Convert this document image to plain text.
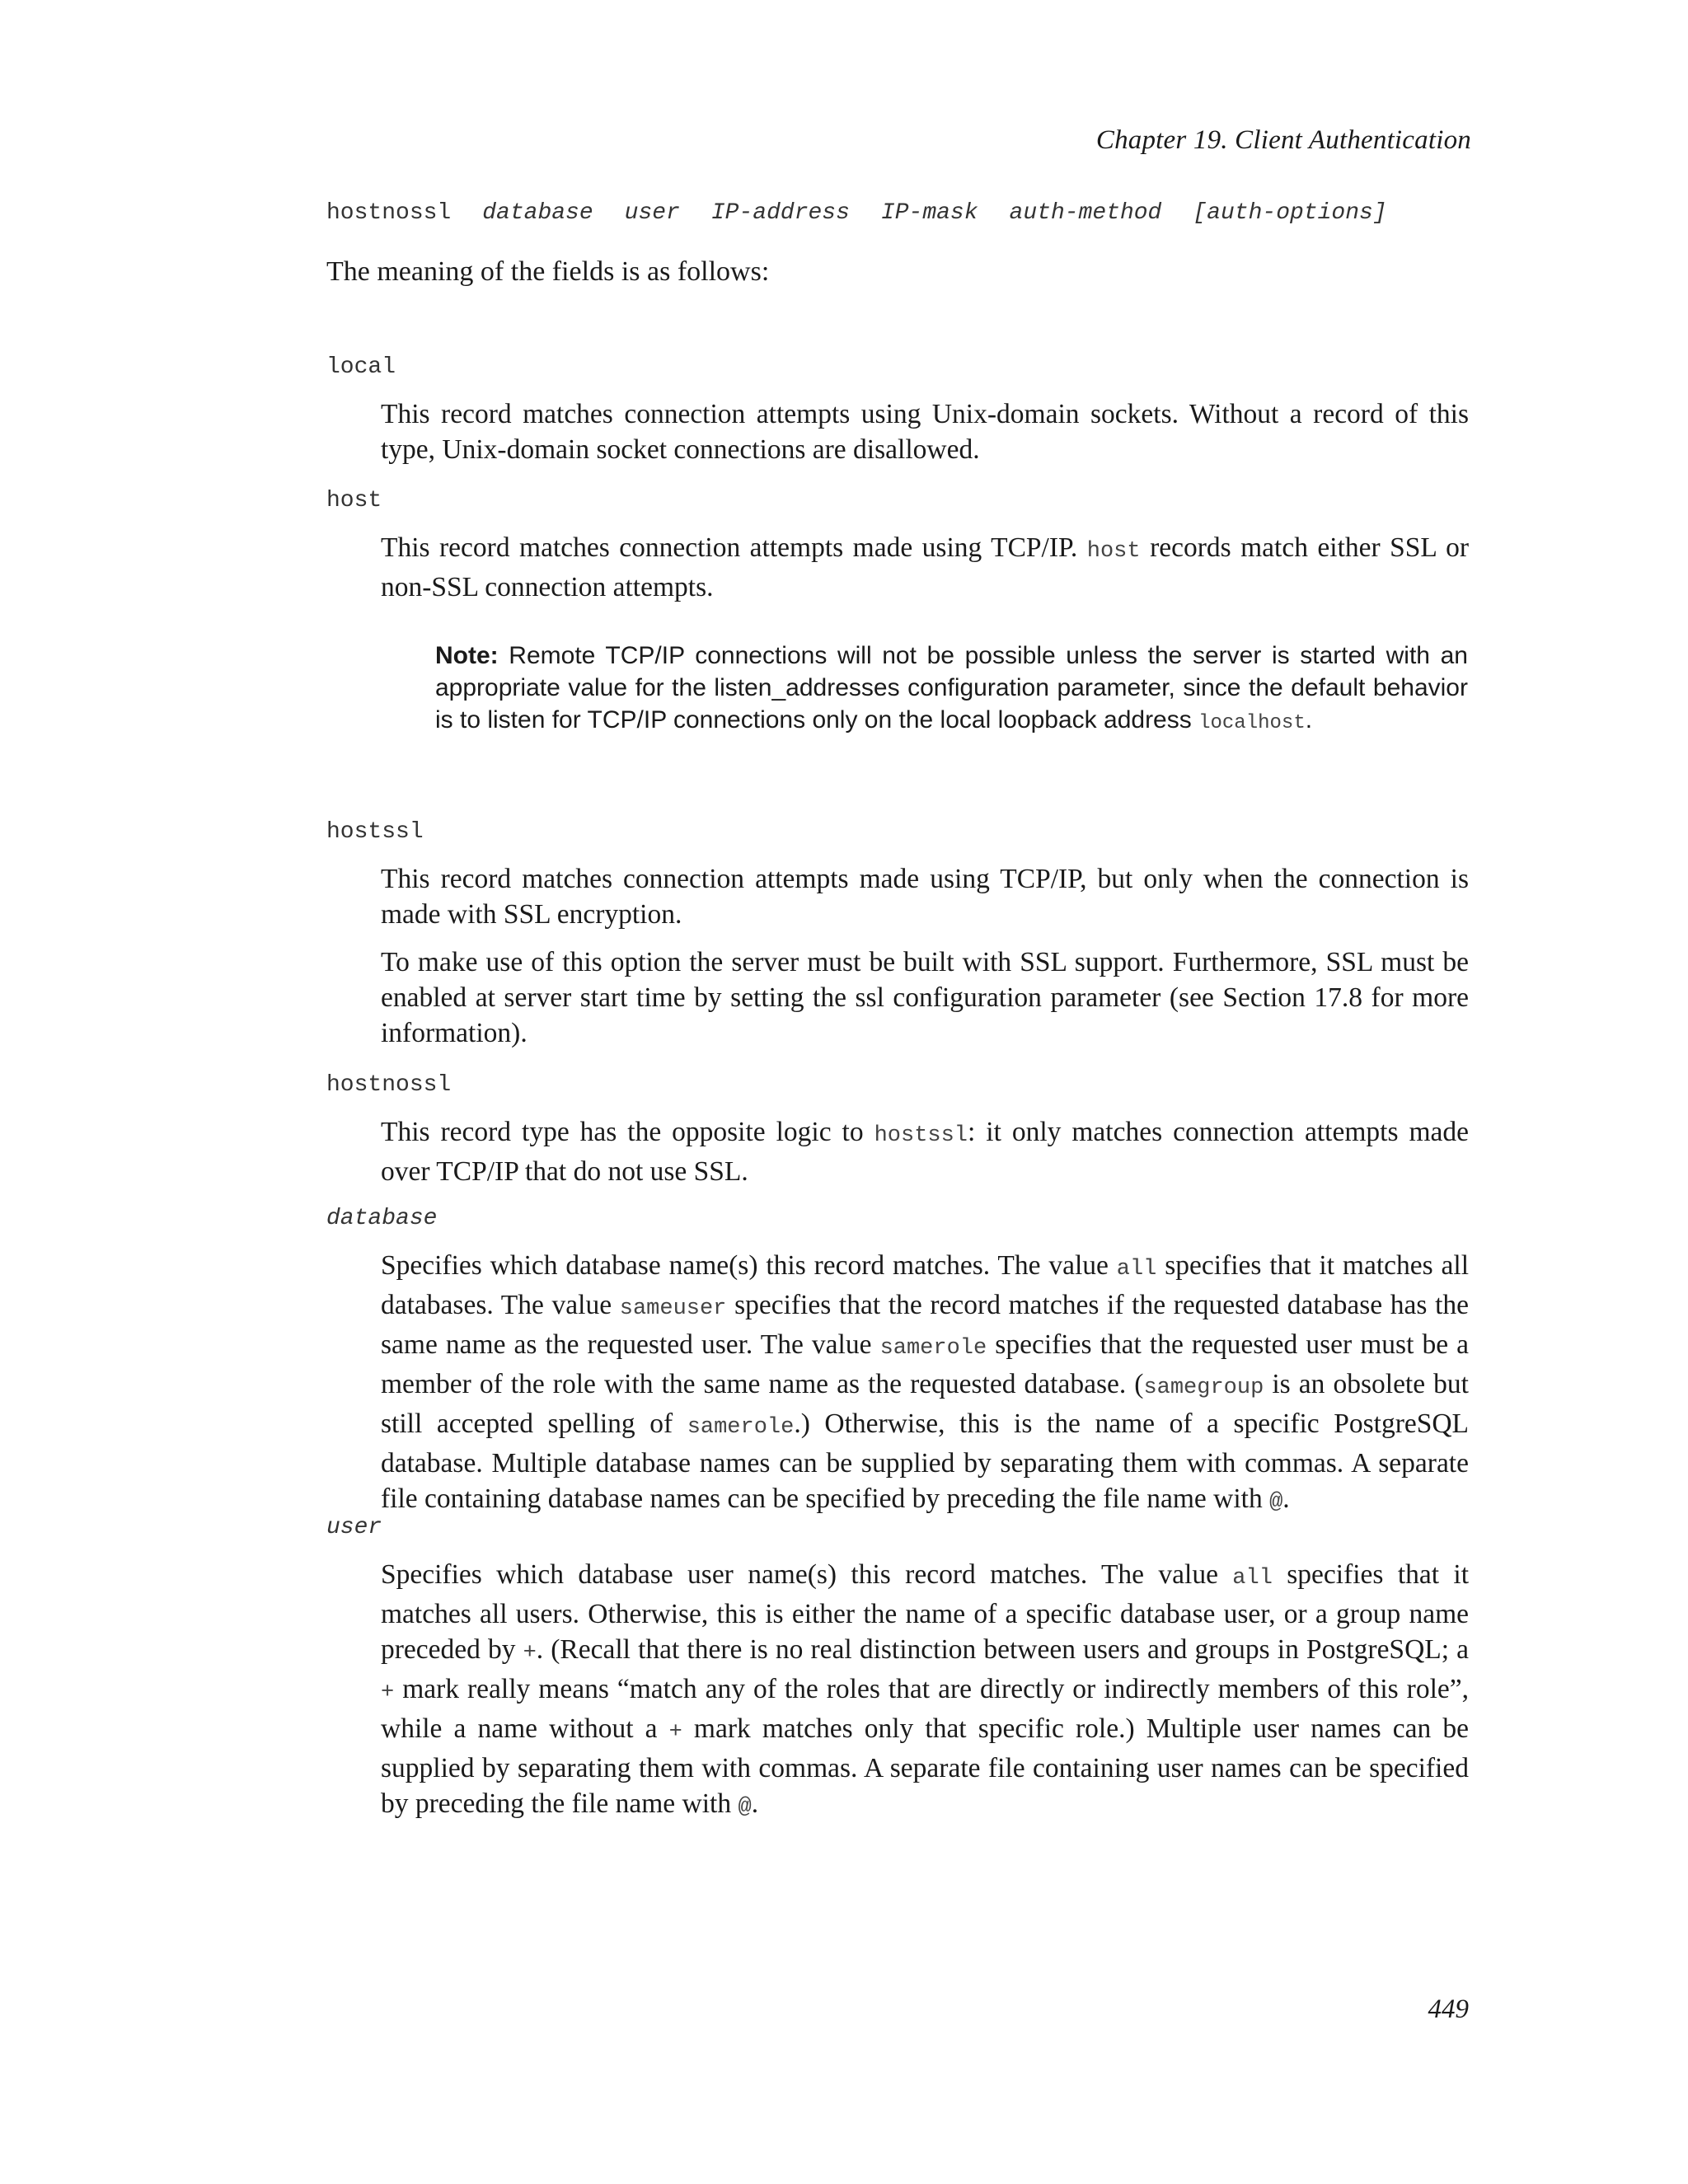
Chapter 19. Client Authentication
hostnossl database user IP-address IP-mask auth-method [auth-options]
The meaning of the fields is as follows:
local
This record matches connection attempts using Unix-domain sockets. Without a record of this type, Unix-domain socket connections are disallowed.
host
This record matches connection attempts made using TCP/IP. host records match either SSL or non-SSL connection attempts.
Note: Remote TCP/IP connections will not be possible unless the server is started with an appropriate value for the listen_addresses configuration parameter, since the default behavior is to listen for TCP/IP connections only on the local loopback address localhost.
hostssl
This record matches connection attempts made using TCP/IP, but only when the connection is made with SSL encryption.
To make use of this option the server must be built with SSL support. Furthermore, SSL must be enabled at server start time by setting the ssl configuration parameter (see Section 17.8 for more information).
hostnossl
This record type has the opposite logic to hostssl: it only matches connection attempts made over TCP/IP that do not use SSL.
database
Specifies which database name(s) this record matches. The value all specifies that it matches all databases. The value sameuser specifies that the record matches if the requested database has the same name as the requested user. The value samerole specifies that the requested user must be a member of the role with the same name as the requested database. (samegroup is an obsolete but still accepted spelling of samerole.) Otherwise, this is the name of a specific PostgreSQL database. Multiple database names can be supplied by separating them with commas. A separate file containing database names can be specified by preceding the file name with @.
user
Specifies which database user name(s) this record matches. The value all specifies that it matches all users. Otherwise, this is either the name of a specific database user, or a group name preceded by +. (Recall that there is no real distinction between users and groups in PostgreSQL; a + mark really means “match any of the roles that are directly or indirectly members of this role”, while a name without a + mark matches only that specific role.) Multiple user names can be supplied by separating them with commas. A separate file containing user names can be specified by preceding the file name with @.
449
